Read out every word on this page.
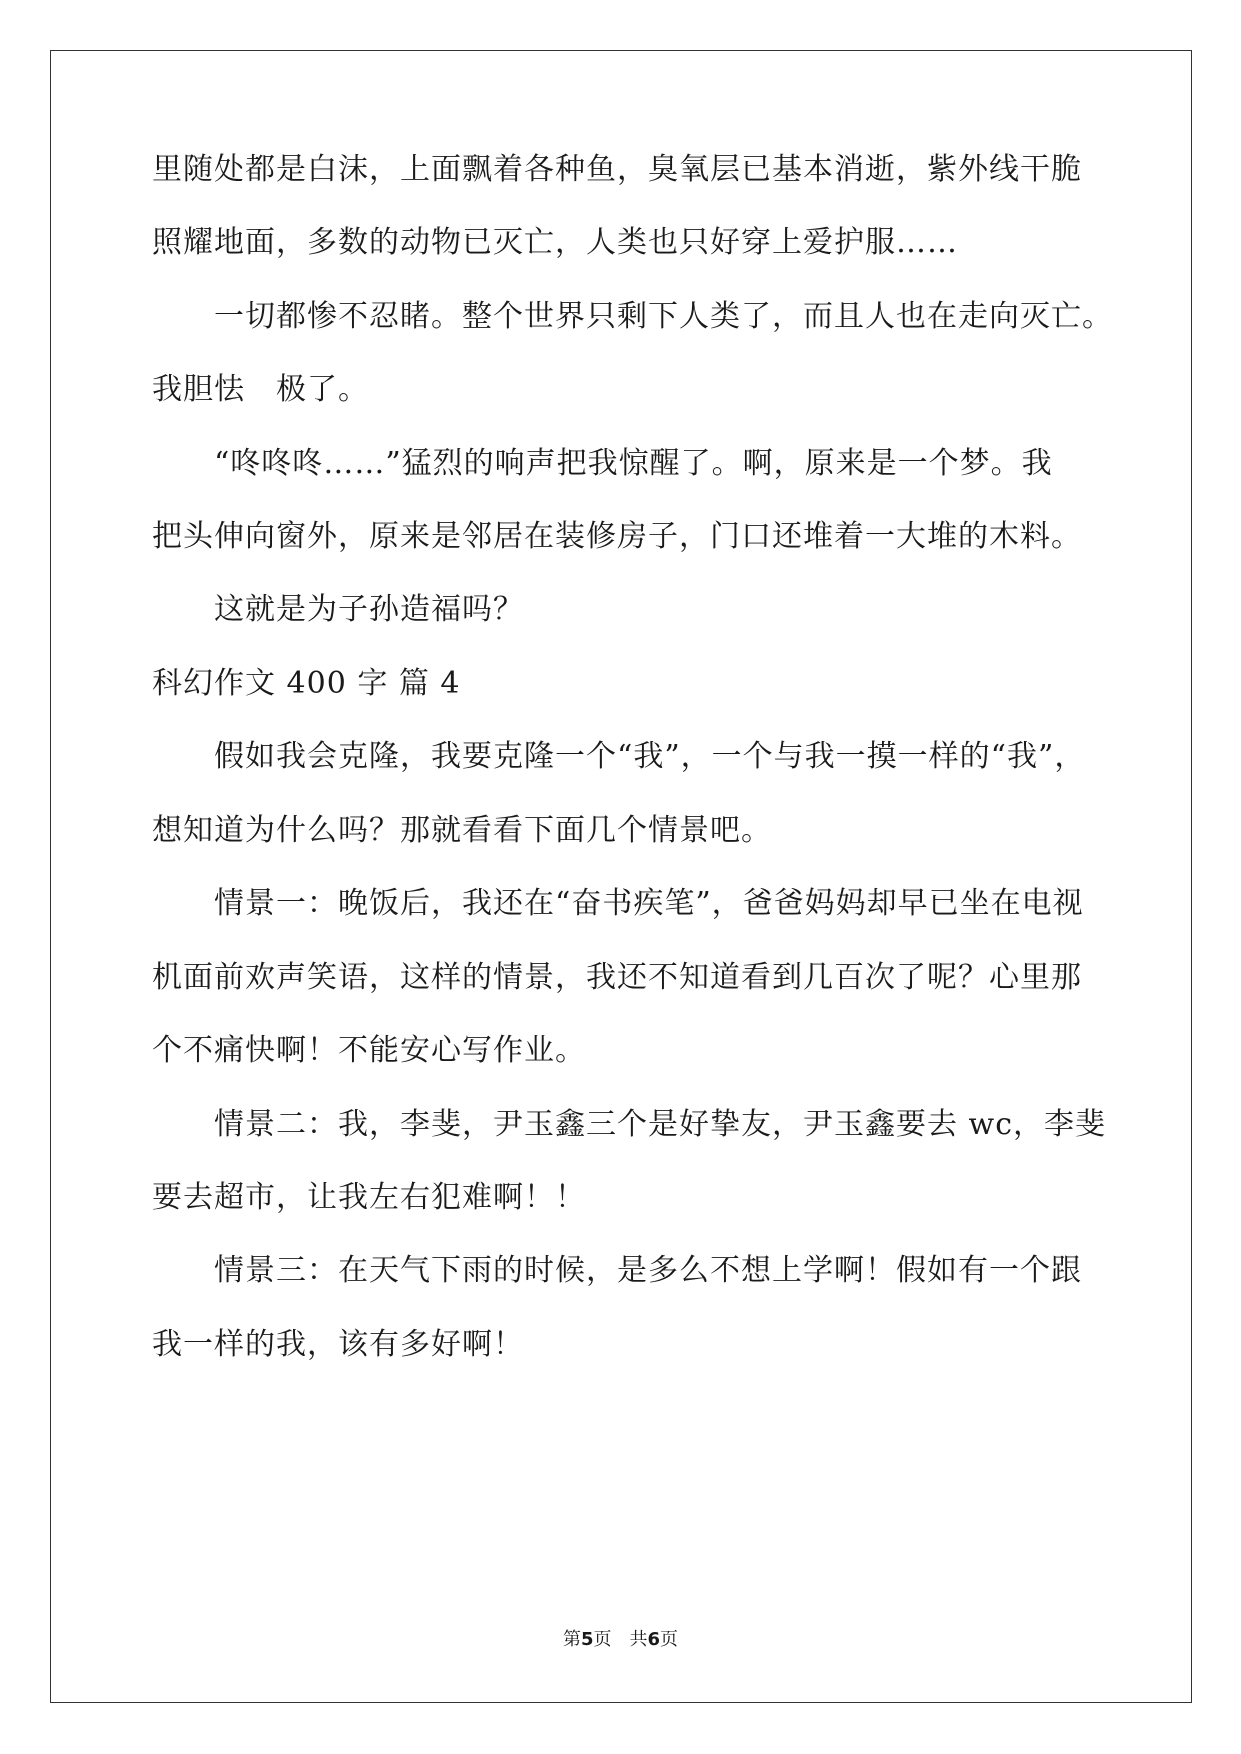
里随处都是白沫，上面飘着各种鱼，臭氧层已基本消逝，紫外线干脆
照耀地面，多数的动物已灭亡，人类也只好穿上爱护服……
一切都惨不忍睹。整个世界只剩下人类了，而且人也在走向灭亡。
我胆怯　极了。
“咚咚咚……”猛烈的响声把我惊醒了。啊，原来是一个梦。我
把头伸向窗外，原来是邻居在装修房子，门口还堆着一大堆的木料。
这就是为子孙造福吗？
科幻作文 400 字 篇 4
假如我会克隆，我要克隆一个“我”，一个与我一摸一样的“我”，
想知道为什么吗？那就看看下面几个情景吧。
情景一：晚饭后，我还在“奋书疾笔”，爸爸妈妈却早已坐在电视
机面前欢声笑语，这样的情景，我还不知道看到几百次了呢？心里那
个不痛快啊！不能安心写作业。
情景二：我，李斐，尹玉鑫三个是好挚友，尹玉鑫要去 wc，李斐
要去超市，让我左右犯难啊！！
情景三：在天气下雨的时候，是多么不想上学啊！假如有一个跟
我一样的我，该有多好啊！
第5页　共6页
